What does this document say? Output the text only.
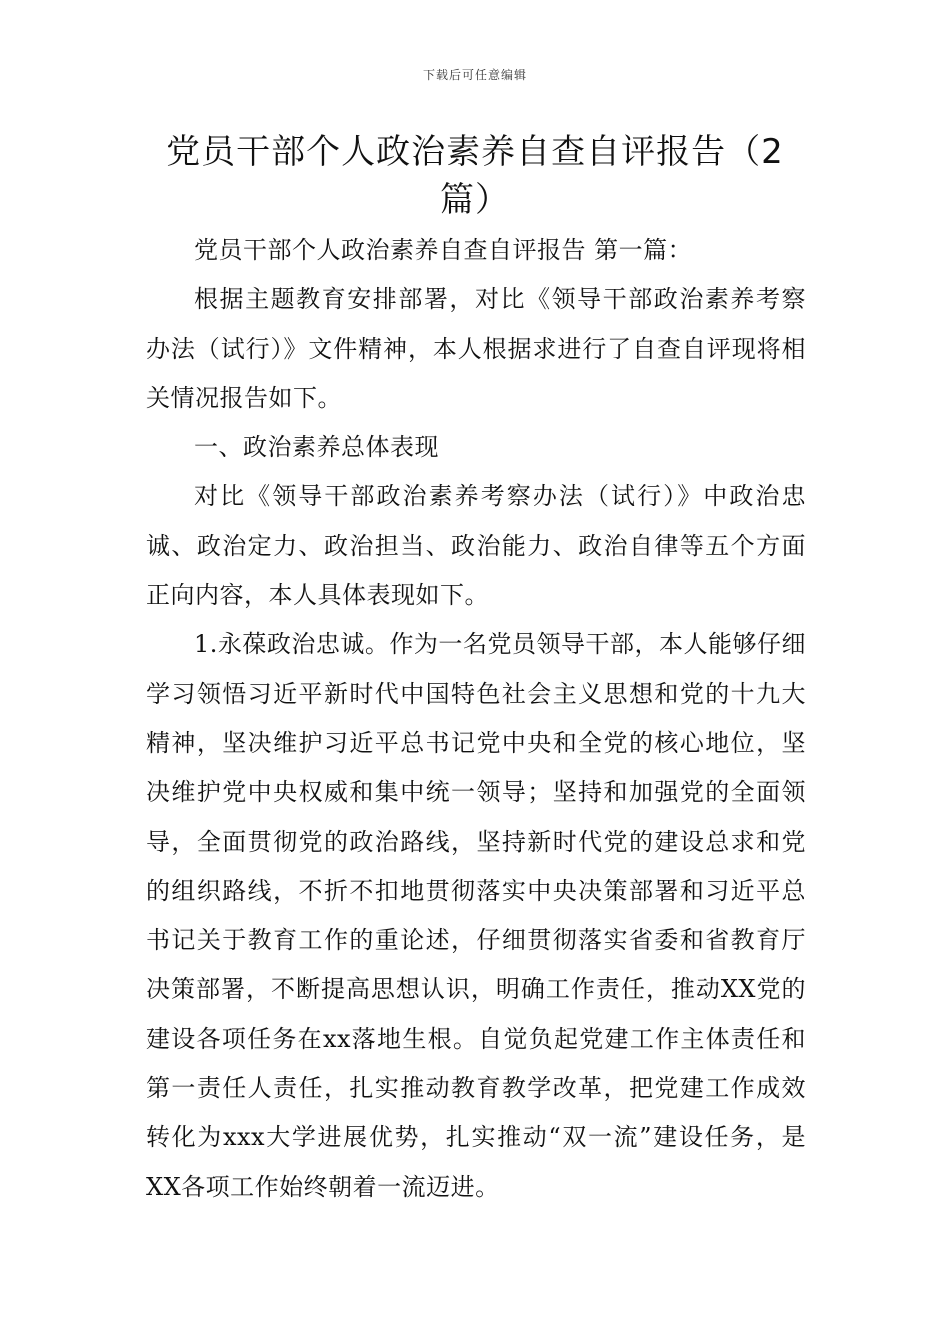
下载后可任意编辑
党员干部个人政治素养自查自评报告（2篇）

党员干部个人政治素养自查自评报告 第一篇：

根据主题教育安排部署，对比《领导干部政治素养考察办法（试行）》文件精神，本人根据求进行了自查自评现将相关情况报告如下。

一、政治素养总体表现

对比《领导干部政治素养考察办法（试行）》中政治忠诚、政治定力、政治担当、政治能力、政治自律等五个方面正向内容，本人具体表现如下。

1.永葆政治忠诚。作为一名党员领导干部，本人能够仔细学习领悟习近平新时代中国特色社会主义思想和党的十九大精神，坚决维护习近平总书记党中央和全党的核心地位，坚决维护党中央权威和集中统一领导；坚持和加强党的全面领导，全面贯彻党的政治路线，坚持新时代党的建设总求和党的组织路线，不折不扣地贯彻落实中央决策部署和习近平总书记关于教育工作的重论述，仔细贯彻落实省委和省教育厅决策部署，不断提高思想认识，明确工作责任，推动XX党的建设各项任务在xx落地生根。自觉负起党建工作主体责任和第一责任人责任，扎实推动教育教学改革，把党建工作成效转化为xxx大学进展优势，扎实推动“双一流”建设任务，是XX各项工作始终朝着一流迈进。
